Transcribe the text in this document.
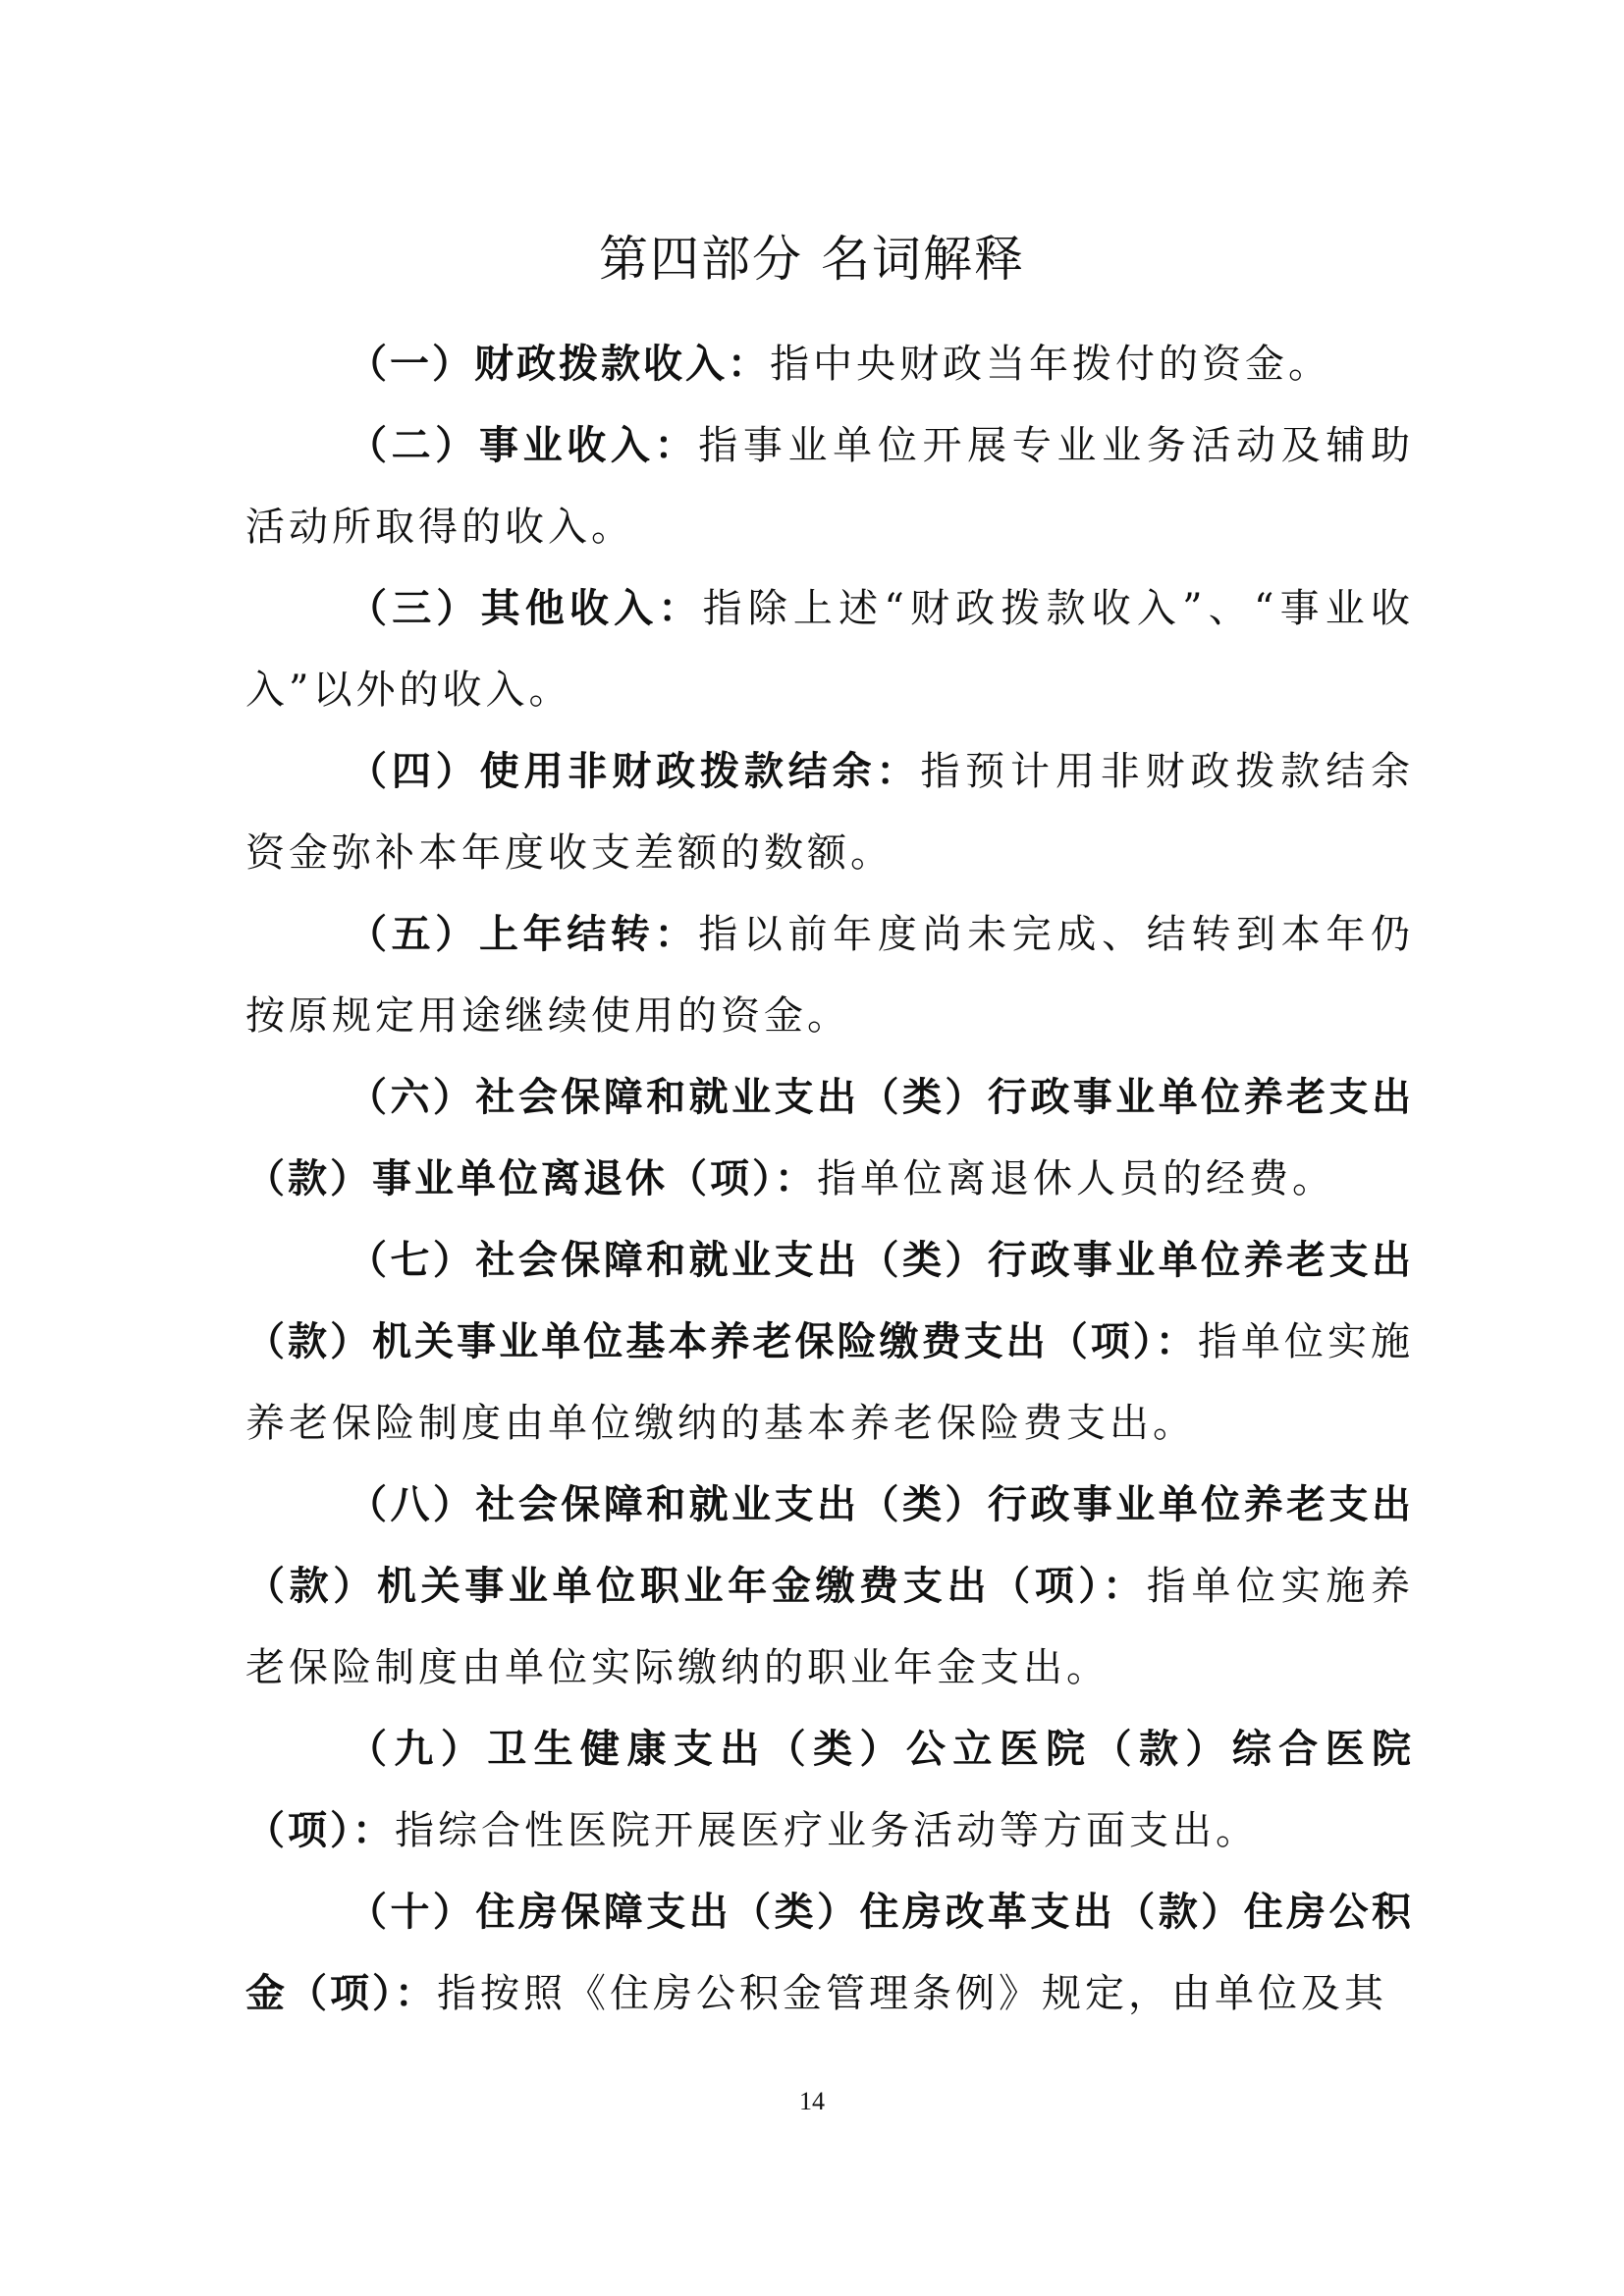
第四部分 名词解释

（一）财政拨款收入：指中央财政当年拨付的资金。

（二）事业收入：指事业单位开展专业业务活动及辅助活动所取得的收入。

（三）其他收入：指除上述“财政拨款收入”、“事业收入”以外的收入。

（四）使用非财政拨款结余：指预计用非财政拨款结余资金弥补本年度收支差额的数额。

（五）上年结转：指以前年度尚未完成、结转到本年仍按原规定用途继续使用的资金。

（六）社会保障和就业支出（类）行政事业单位养老支出（款）事业单位离退休（项）：指单位离退休人员的经费。

（七）社会保障和就业支出（类）行政事业单位养老支出（款）机关事业单位基本养老保险缴费支出（项）：指单位实施养老保险制度由单位缴纳的基本养老保险费支出。

（八）社会保障和就业支出（类）行政事业单位养老支出（款）机关事业单位职业年金缴费支出（项）：指单位实施养老保险制度由单位实际缴纳的职业年金支出。

（九）卫生健康支出（类）公立医院（款）综合医院（项）：指综合性医院开展医疗业务活动等方面支出。

（十）住房保障支出（类）住房改革支出（款）住房公积金（项）：指按照《住房公积金管理条例》规定，由单位及其

14
